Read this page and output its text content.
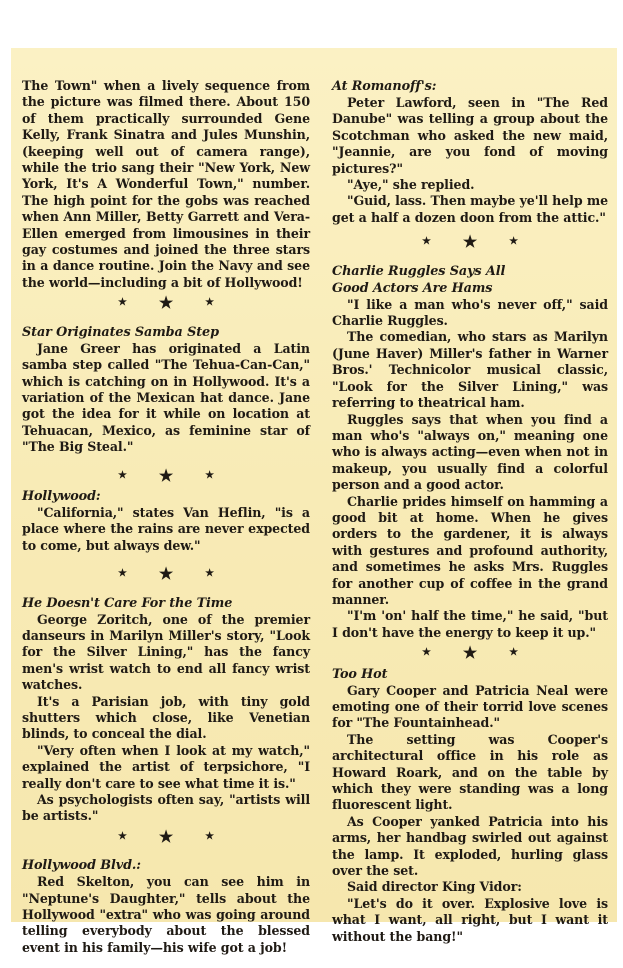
The Town" when a lively sequence from the picture was filmed there. About 150 of them practically surrounded Gene Kelly, Frank Sinatra and Jules Munshin, (keeping well out of camera range), while the trio sang their "New York, New York, It's A Wonderful Town," number. The high point for the gobs was reached when Ann Miller, Betty Garrett and Vera-Ellen emerged from limousines in their gay costumes and joined the three stars in a dance routine. Join the Navy and see the world—including a bit of Hollywood!

★ ★	★

Star Originates Samba Step

Jane Greer has originated a Latin samba step called "The Tehua-Can-Can," which is catching on in Hollywood. It's a variation of the Mexican hat dance. Jane got the idea for it while on location at Tehuacan, Mexico, as feminine star of "The Big Steal."

★ ★	★

Hollywood:

"California," states Van Heflin, "is a place where the rains are never expected to come, but always dew."

★ ★	★

He Doesn't Care For the Time

George Zoritch, one of the premier danseurs in Marilyn Miller's story, "Look for the Silver Lining," has the fancy men's wrist watch to end all fancy wrist watches.

It's a Parisian job, with tiny gold shutters which close, like Venetian blinds, to conceal the dial.

"Very often when I look at my watch," explained the artist of terpsichore, "I really don't care to see what time it is."

As psychologists often say, "artists will be artists."

★ ★	★

Hollywood Blvd.:

Red Skelton, you can see him in "Neptune's Daughter," tells about the Hollywood "extra" who was going around telling everybody about the blessed event in his family—his wife got a job!

At Romanoff's:

Peter Lawford, seen in "The Red Danube" was telling a group about the Scotchman who asked the new maid, "Jeannie, are you fond of moving pictures?"

"Aye," she replied.

"Guid, lass. Then maybe ye'll help me get a half a dozen doon from the attic."

★ ★	★

Charlie Ruggles Says All

Good Actors Are Hams

"I like a man who's never off," said Charlie Ruggles.

The comedian, who stars as Marilyn (June Haver) Miller's father in Warner Bros.' Technicolor musical classic, "Look for the Silver Lining," was referring to theatrical ham.

Ruggles says that when you find a man who's "always on," meaning one who is always acting—even when not in makeup, you usually find a colorful person and a good actor.

Charlie prides himself on hamming a good bit at home. When he gives orders to the gardener, it is always with gestures and profound authority, and sometimes he asks Mrs. Ruggles for another cup of coffee in the grand manner.

"I'm 'on' half the time," he said, "but I don't have the energy to keep it up."

★ ★	★

Too Hot

Gary Cooper and Patricia Neal were emoting one of their torrid love scenes for "The Fountainhead."

The setting was Cooper's architectural office in his role as Howard Roark, and on the table by which they were standing was a long fluorescent light.

As Cooper yanked Patricia into his arms, her handbag swirled out against the lamp. It exploded, hurling glass over the set.

Said director King Vidor:

"Let's do it over. Explosive love is what I want, all right, but I want it without the bang!"
